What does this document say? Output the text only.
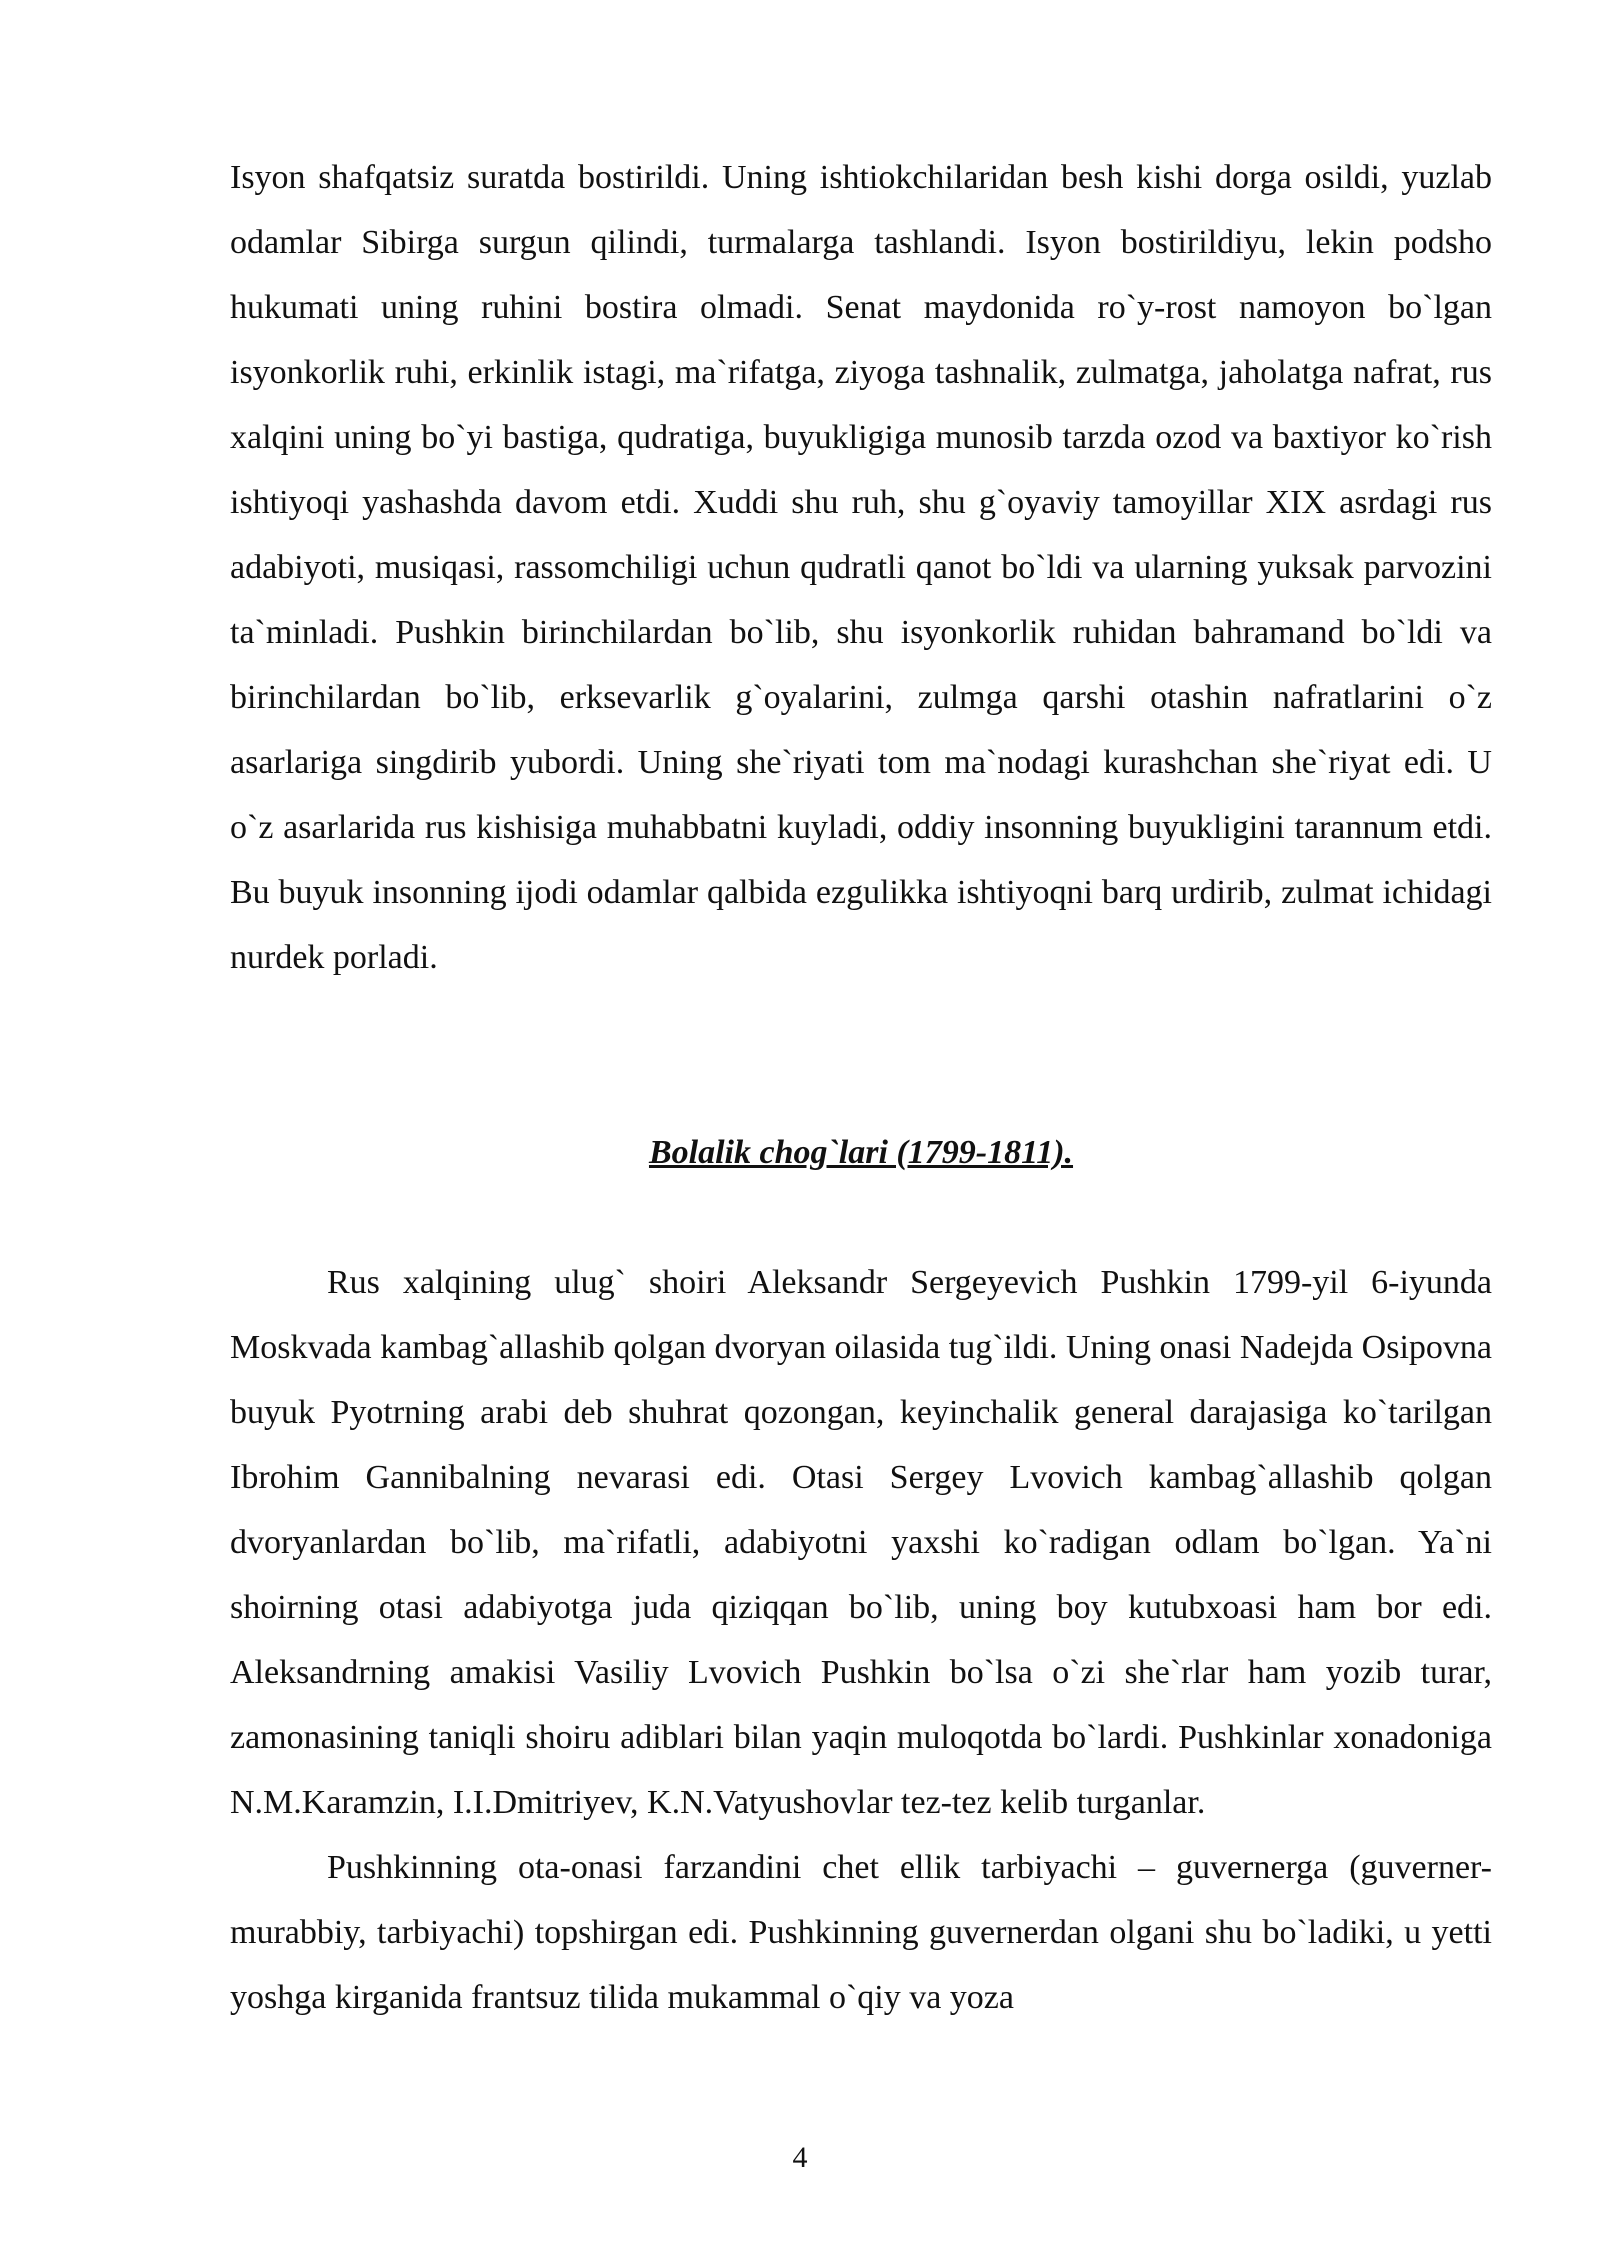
Isyon shafqatsiz suratda bostirildi. Uning ishtiokchilaridan besh kishi dorga osildi, yuzlab odamlar Sibirga surgun qilindi, turmalarga tashlandi. Isyon bostirildiyu, lekin podsho hukumati uning ruhini bostira olmadi. Senat maydonida ro`y-rost namoyon bo`lgan isyonkorlik ruhi, erkinlik istagi, ma`rifatga, ziyoga tashnalik, zulmatga, jaholatga nafrat, rus xalqini uning bo`yi bastiga, qudratiga, buyukligiga munosib tarzda ozod va baxtiyor ko`rish ishtiyoqi yashashda davom etdi. Xuddi shu ruh, shu g`oyaviy tamoyillar XIX asrdagi rus adabiyoti, musiqasi, rassomchiligi uchun qudratli qanot bo`ldi va ularning yuksak parvozini ta`minladi. Pushkin birinchilardan bo`lib, shu isyonkorlik ruhidan bahramand bo`ldi va birinchilardan bo`lib, erksevarlik g`oyalarini, zulmga qarshi otashin nafratlarini o`z asarlariga singdirib yubordi. Uning she`riyati tom ma`nodagi kurashchan she`riyat edi. U o`z asarlarida rus kishisiga muhabbatni kuyladi, oddiy insonning buyukligini tarannum etdi. Bu buyuk insonning ijodi odamlar qalbida ezgulikka ishtiyoqni barq urdirib, zulmat ichidagi nurdek porladi.

Bolalik chog`lari (1799-1811).

Rus xalqining ulug` shoiri Aleksandr Sergeyevich Pushkin 1799-yil 6-iyunda Moskvada kambag`allashib qolgan dvoryan oilasida tug`ildi. Uning onasi Nadejda Osipovna buyuk Pyotrning arabi deb shuhrat qozongan, keyinchalik general darajasiga ko`tarilgan Ibrohim Gannibalning nevarasi edi. Otasi Sergey Lvovich kambag`allashib qolgan dvoryanlardan bo`lib, ma`rifatli, adabiyotni yaxshi ko`radigan odlam bo`lgan. Ya`ni shoirning otasi adabiyotga juda qiziqqan bo`lib, uning boy kutubxoasi ham bor edi. Aleksandrning amakisi Vasiliy Lvovich Pushkin bo`lsa o`zi she`rlar ham yozib turar, zamonasining taniqli shoiru adiblari bilan yaqin muloqotda bo`lardi. Pushkinlar xonadoniga N.M.Karamzin, I.I.Dmitriyev, K.N.Vatyushovlar tez-tez kelib turganlar.

Pushkinning ota-onasi farzandini chet ellik tarbiyachi – guvernerga (guverner-murabbiy, tarbiyachi) topshirgan edi. Pushkinning guvernerdan olgani shu bo`ladiki, u yetti yoshga kirganida frantsuz tilida mukammal o`qiy va yoza

4
